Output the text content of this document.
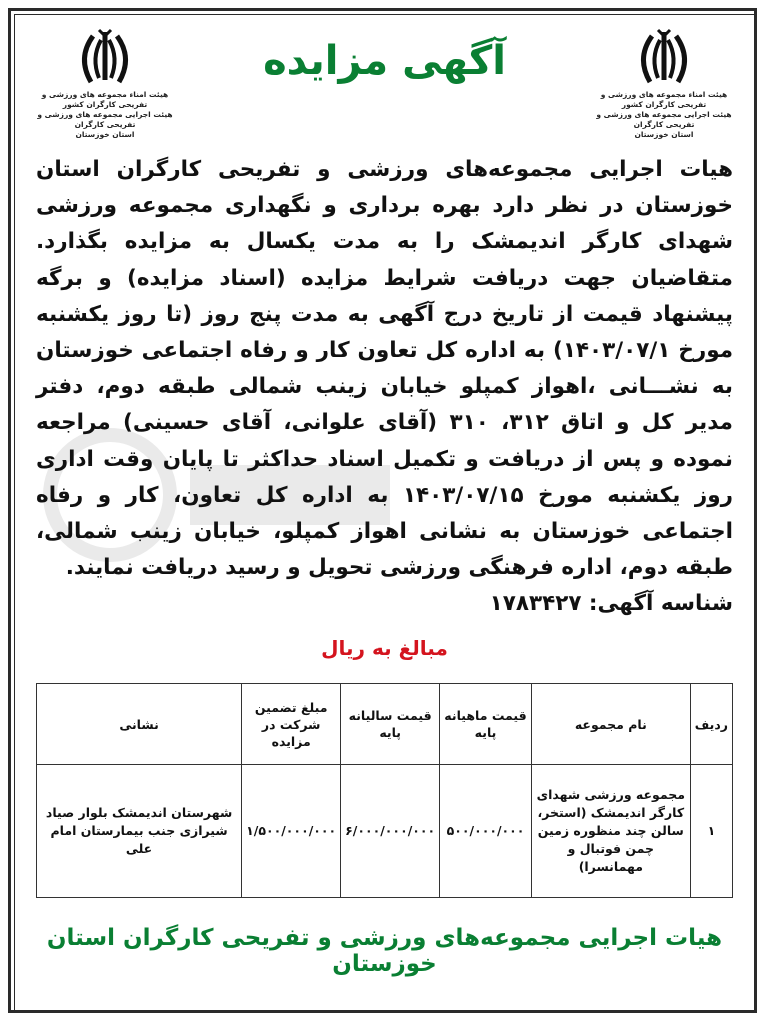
هیئت امناء مجموعه های ورزشی و تفریحی کارگران کشور
هیئت اجرایی مجموعه های ورزشی و تفریحی کارگران
استان خوزستان
هیئت امناء مجموعه های ورزشی و تفریحی کارگران کشور
هیئت اجرایی مجموعه های ورزشی و تفریحی کارگران
استان خوزستان
آگهی مزایده

هیات اجرایی مجموعه‌های ورزشی و تفریحی کارگران استان خوزستان در نظر دارد بهره برداری و نگهداری مجموعه ورزشی شهدای کارگر اندیمشک را به مدت یکسال به مزایده بگذارد. متقاضیان جهت دریافت شرایط مزایده (اسناد مزایده) و برگه پیشنهاد قیمت از تاریخ درج آگهی به مدت پنج روز (تا روز یکشنبه مورخ ۱۴۰۳/۰۷/۱) به اداره کل تعاون کار و رفاه اجتماعی خوزستان به نشـــانی ،اهواز کمپلو خیابان زینب شمالی طبقه دوم، دفتر مدیر کل و اتاق ۳۱۲، ۳۱۰ (آقای علوانی، آقای حسینی) مراجعه نموده و پس از دریافت و تکمیل اسناد حداکثر تا پایان وقت اداری روز یکشنبه مورخ ۱۴۰۳/۰۷/۱۵ به اداره کل تعاون، کار و رفاه اجتماعی خوزستان به نشانی اهواز کمپلو، خیابان زینب شمالی، طبقه دوم، اداره فرهنگی ورزشی تحویل و رسید دریافت نمایند.

شناسه آگهی: ۱۷۸۳۴۲۷

مبالغ به ریال
ردیف	نام مجموعه	قیمت ماهیانه پایه	قیمت سالیانه پایه	مبلغ تضمین شرکت در مزایده	نشانی
۱	مجموعه ورزشی شهدای کارگر اندیمشک (استخر، سالن چند منظوره زمین چمن فوتبال و مهمانسرا)	۵۰۰/۰۰۰/۰۰۰	۶/۰۰۰/۰۰۰/۰۰۰	۱/۵۰۰/۰۰۰/۰۰۰	شهرستان اندیمشک بلوار صیاد شیرازی جنب بیمارستان امام علی
هیات اجرایی مجموعه‌های ورزشی و تفریحی کارگران استان خوزستان
